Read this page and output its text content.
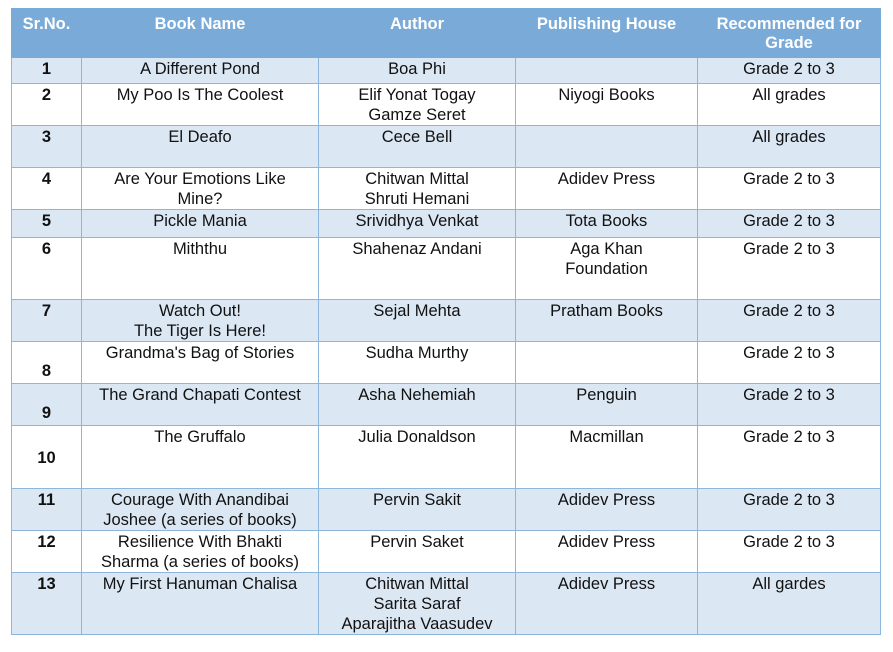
Sr.No.	Book Name	Author	Publishing House	Recommended for Grade
1	A Different Pond	Boa Phi		Grade 2 to 3
2	My Poo Is The Coolest	Elif Yonat Togay
Gamze Seret	Niyogi Books	All grades
3	El Deafo	Cece Bell		All grades
4	Are Your Emotions Like
Mine?	Chitwan Mittal
Shruti Hemani	Adidev Press	Grade 2 to 3
5	Pickle Mania	Srividhya Venkat	Tota Books	Grade 2 to 3
6	Miththu	Shahenaz Andani	Aga Khan
Foundation	Grade 2 to 3
7	Watch Out!
The Tiger Is Here!	Sejal Mehta	Pratham Books	Grade 2 to 3
8	Grandma's Bag of Stories	Sudha Murthy		Grade 2 to 3
9	The Grand Chapati Contest	Asha Nehemiah	Penguin	Grade 2 to 3
10	The Gruffalo	Julia Donaldson	Macmillan	Grade 2 to 3
11	Courage With Anandibai
Joshee (a series of books)	Pervin Sakit	Adidev Press	Grade 2 to 3
12	Resilience With Bhakti
Sharma (a series of books)	Pervin Saket	Adidev Press	Grade 2 to 3
13	My First Hanuman Chalisa	Chitwan Mittal
Sarita Saraf
Aparajitha Vaasudev	Adidev Press	All gardes
